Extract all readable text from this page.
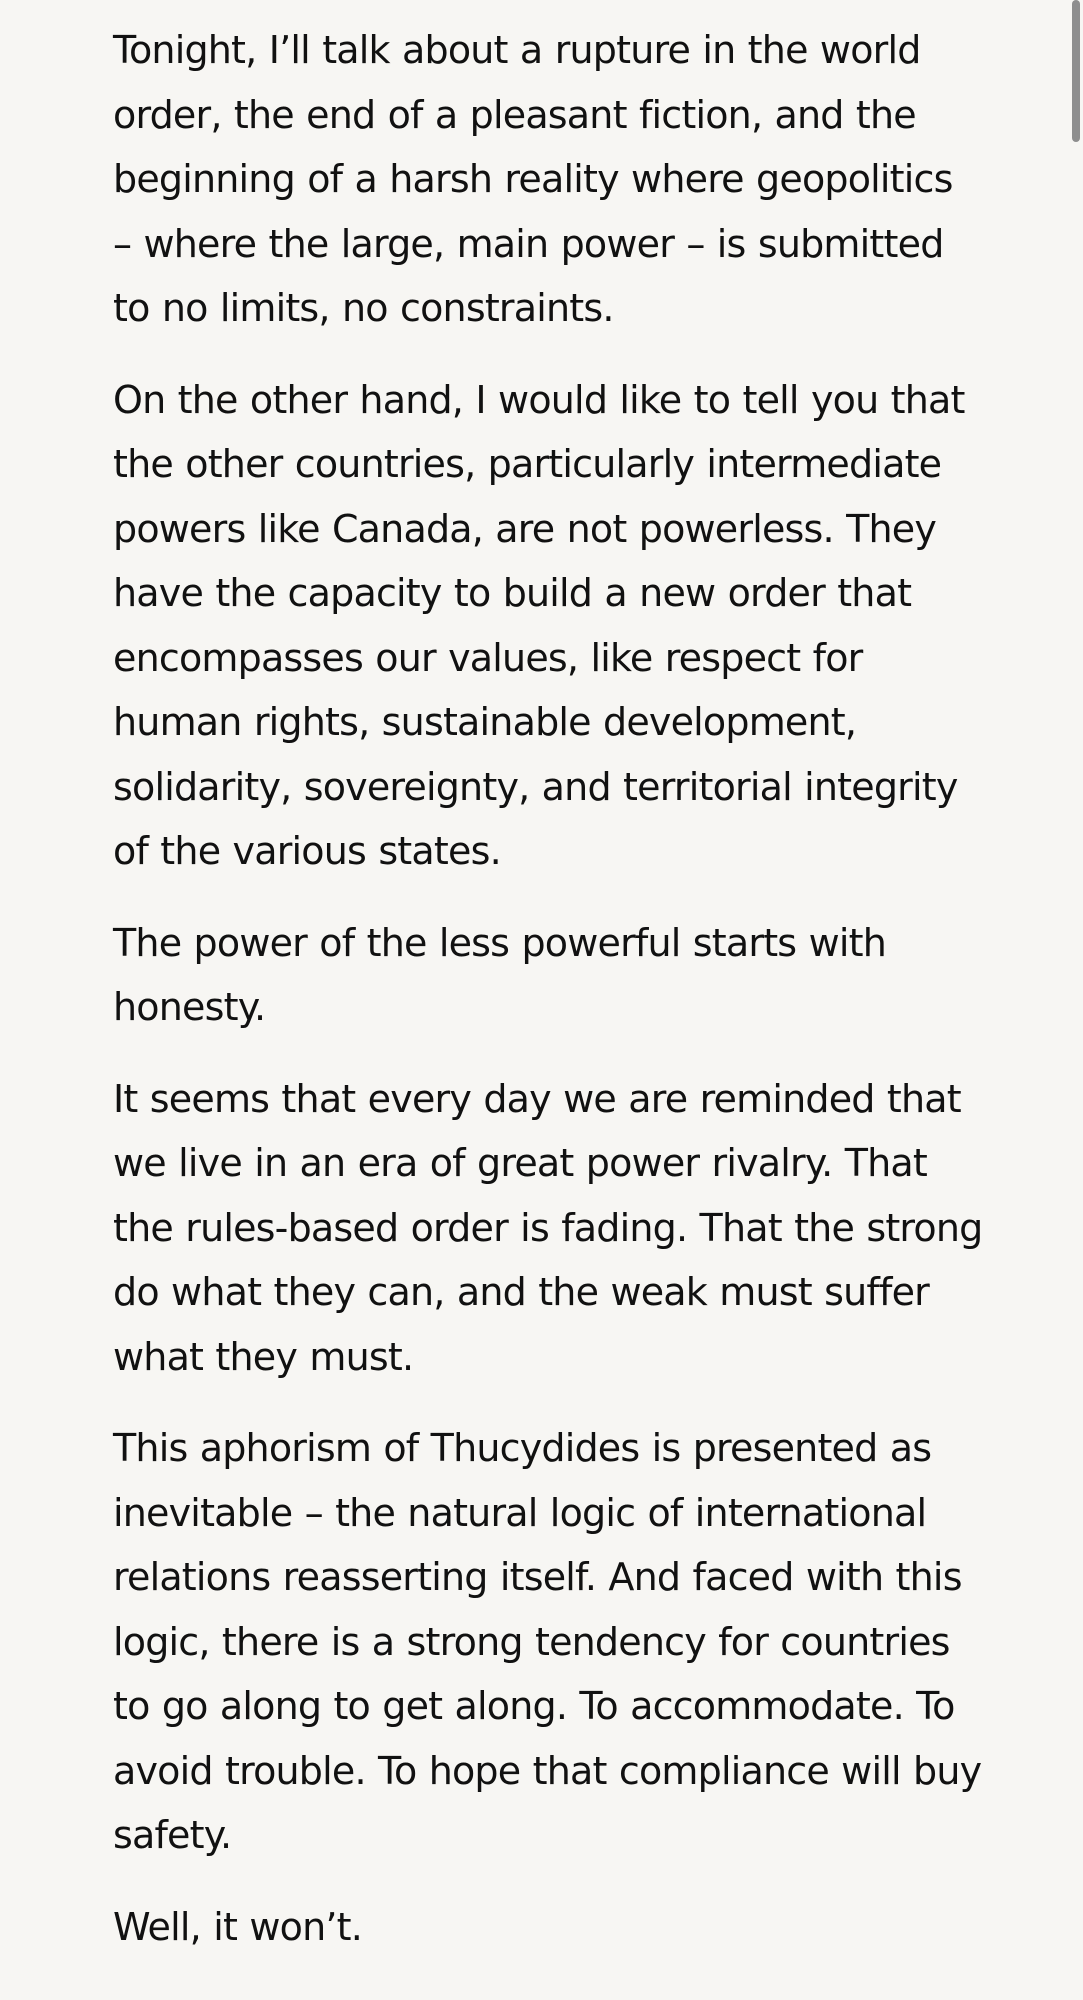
Tonight, I’ll talk about a rupture in the world order, the end of a pleasant fiction, and the beginning of a harsh reality where geopolitics – where the large, main power – is submitted to no limits, no constraints.

On the other hand, I would like to tell you that the other countries, particularly intermediate powers like Canada, are not powerless. They have the capacity to build a new order that encompasses our values, like respect for human rights, sustainable development, solidarity, sovereignty, and territorial integrity of the various states.

The power of the less powerful starts with honesty.

It seems that every day we are reminded that we live in an era of great power rivalry. That the rules-based order is fading. That the strong do what they can, and the weak must suffer what they must.

This aphorism of Thucydides is presented as inevitable – the natural logic of international relations reasserting itself. And faced with this logic, there is a strong tendency for countries to go along to get along. To accommodate. To avoid trouble. To hope that compliance will buy safety.

Well, it won’t.
